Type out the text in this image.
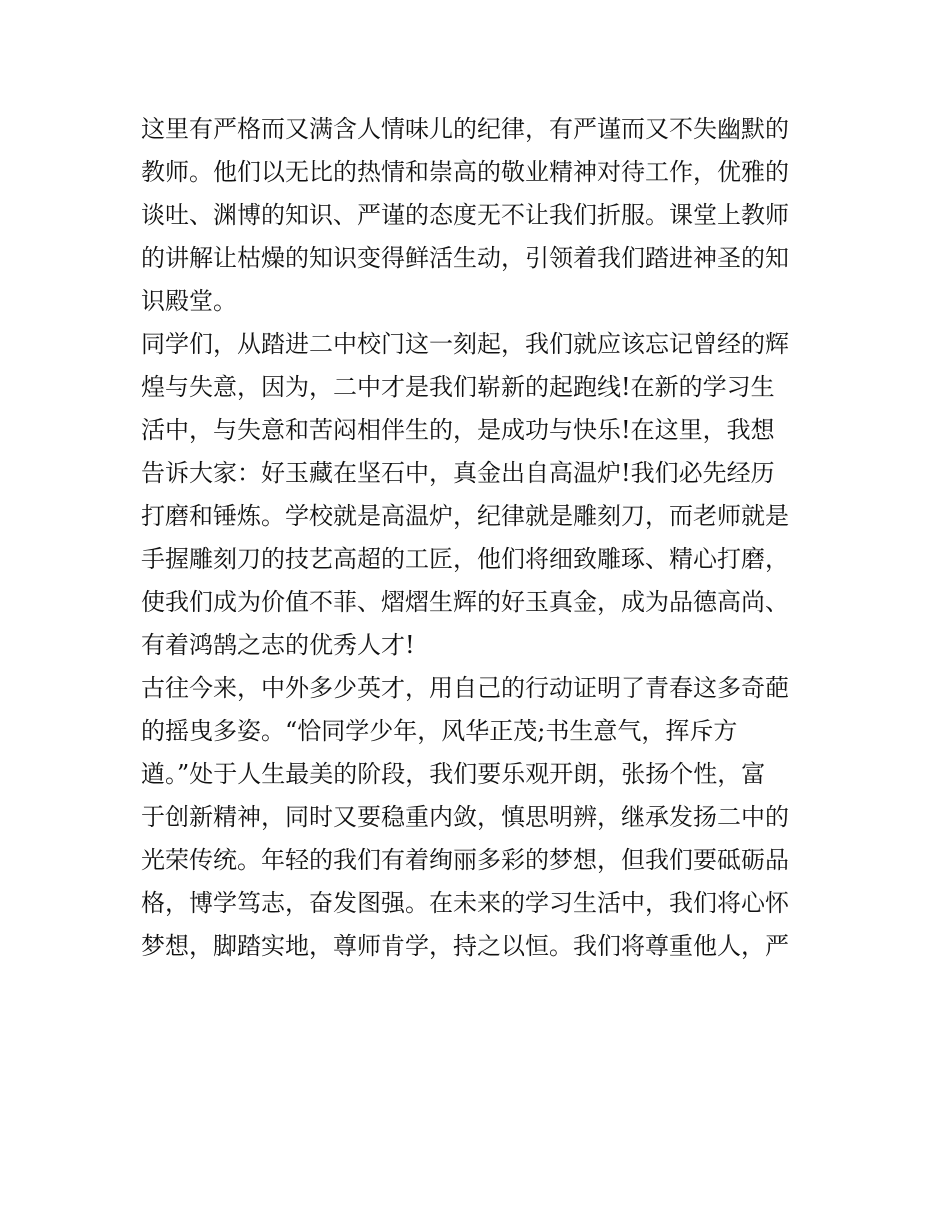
这里有严格而又满含人情味儿的纪律，有严谨而又不失幽默的
教师。他们以无比的热情和崇高的敬业精神对待工作，优雅的
谈吐、渊博的知识、严谨的态度无不让我们折服。课堂上教师
的讲解让枯燥的知识变得鲜活生动，引领着我们踏进神圣的知
识殿堂。
同学们，从踏进二中校门这一刻起，我们就应该忘记曾经的辉
煌与失意，因为，二中才是我们崭新的起跑线!在新的学习生
活中，与失意和苦闷相伴生的，是成功与快乐!在这里，我想
告诉大家：好玉藏在坚石中，真金出自高温炉!我们必先经历
打磨和锤炼。学校就是高温炉，纪律就是雕刻刀，而老师就是
手握雕刻刀的技艺高超的工匠，他们将细致雕琢、精心打磨，
使我们成为价值不菲、熠熠生辉的好玉真金，成为品德高尚、
有着鸿鹄之志的优秀人才!
古往今来，中外多少英才，用自己的行动证明了青春这多奇葩
的摇曳多姿。“恰同学少年，风华正茂;书生意气，挥斥方
遒。”处于人生最美的阶段，我们要乐观开朗，张扬个性，富
于创新精神，同时又要稳重内敛，慎思明辨，继承发扬二中的
光荣传统。年轻的我们有着绚丽多彩的梦想，但我们要砥砺品
格，博学笃志，奋发图强。在未来的学习生活中，我们将心怀
梦想，脚踏实地，尊师肯学，持之以恒。我们将尊重他人，严
